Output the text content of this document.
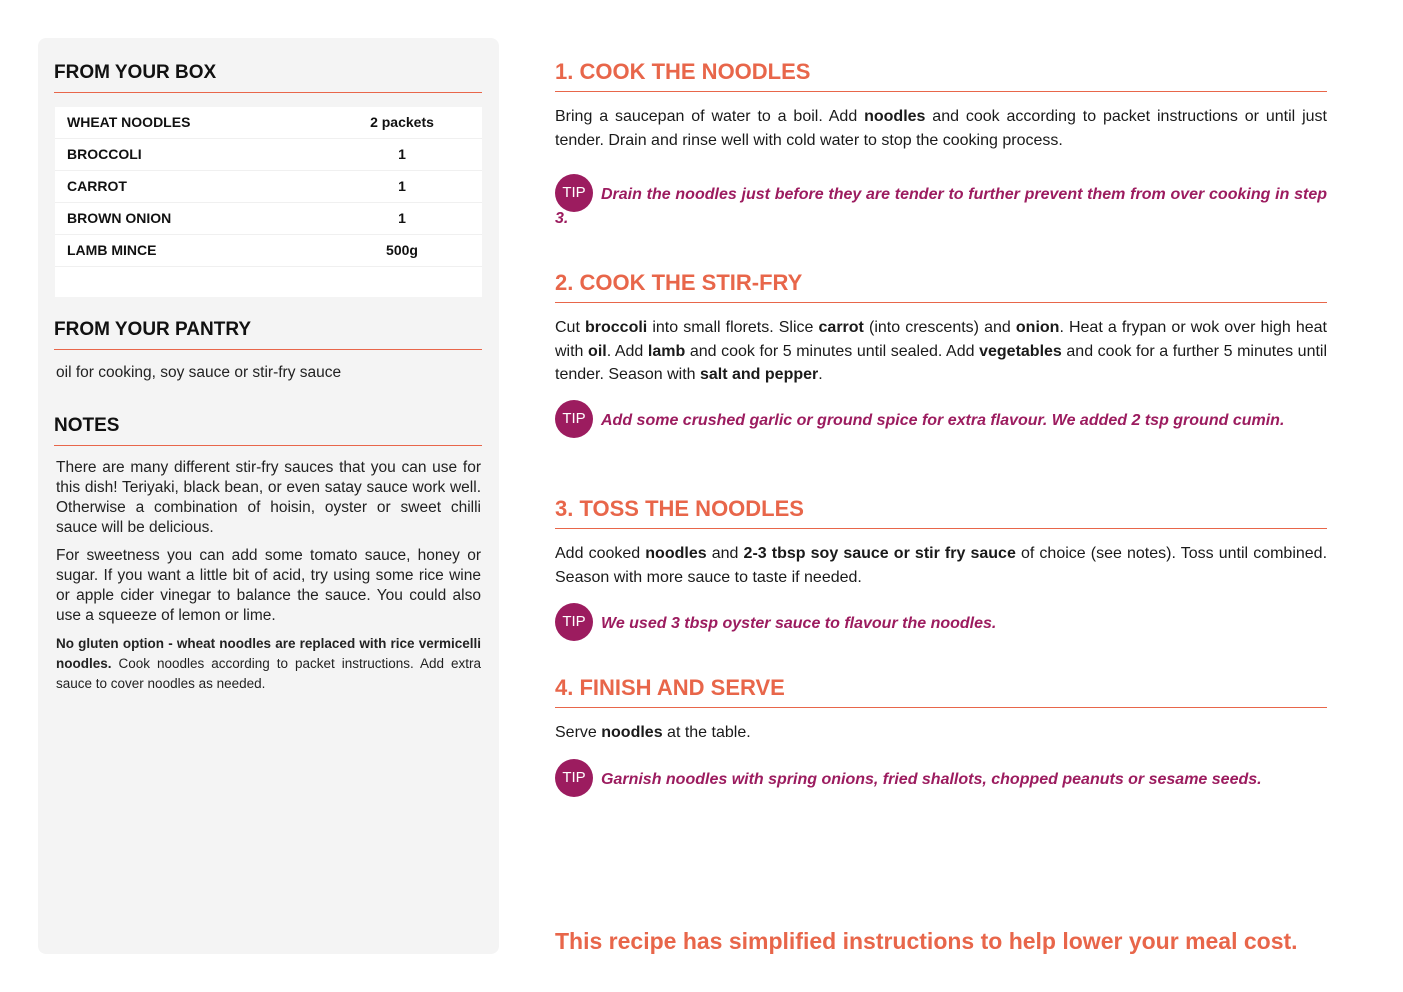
FROM YOUR BOX
WHEAT NOODLES	2 packets
BROCCOLI	1
CARROT	1
BROWN ONION	1
LAMB MINCE	500g
FROM YOUR PANTRY
oil for cooking, soy sauce or stir-fry sauce
NOTES

There are many different stir-fry sauces that you can use for this dish! Teriyaki, black bean, or even satay sauce work well. Otherwise a combination of hoisin, oyster or sweet chilli sauce will be delicious.

For sweetness you can add some tomato sauce, honey or sugar. If you want a little bit of acid, try using some rice wine or apple cider vinegar to balance the sauce. You could also use a squeeze of lemon or lime.

No gluten option - wheat noodles are replaced with rice vermicelli noodles. Cook noodles according to packet instructions. Add extra sauce to cover noodles as needed.

1. COOK THE NOODLES

Bring a saucepan of water to a boil. Add noodles and cook according to packet instructions or until just tender. Drain and rinse well with cold water to stop the cooking process.

TIP Drain the noodles just before they are tender to further prevent them from over cooking in step 3.

2. COOK THE STIR-FRY

Cut broccoli into small florets. Slice carrot (into crescents) and onion. Heat a frypan or wok over high heat with oil. Add lamb and cook for 5 minutes until sealed. Add vegetables and cook for a further 5 minutes until tender. Season with salt and pepper.

TIP Add some crushed garlic or ground spice for extra flavour. We added 2 tsp ground cumin.

3. TOSS THE NOODLES

Add cooked noodles and 2-3 tbsp soy sauce or stir fry sauce of choice (see notes). Toss until combined. Season with more sauce to taste if needed.

TIP We used 3 tbsp oyster sauce to flavour the noodles.

4. FINISH AND SERVE

Serve noodles at the table.

TIP Garnish noodles with spring onions, fried shallots, chopped peanuts or sesame seeds.

This recipe has simplified instructions to help lower your meal cost.
